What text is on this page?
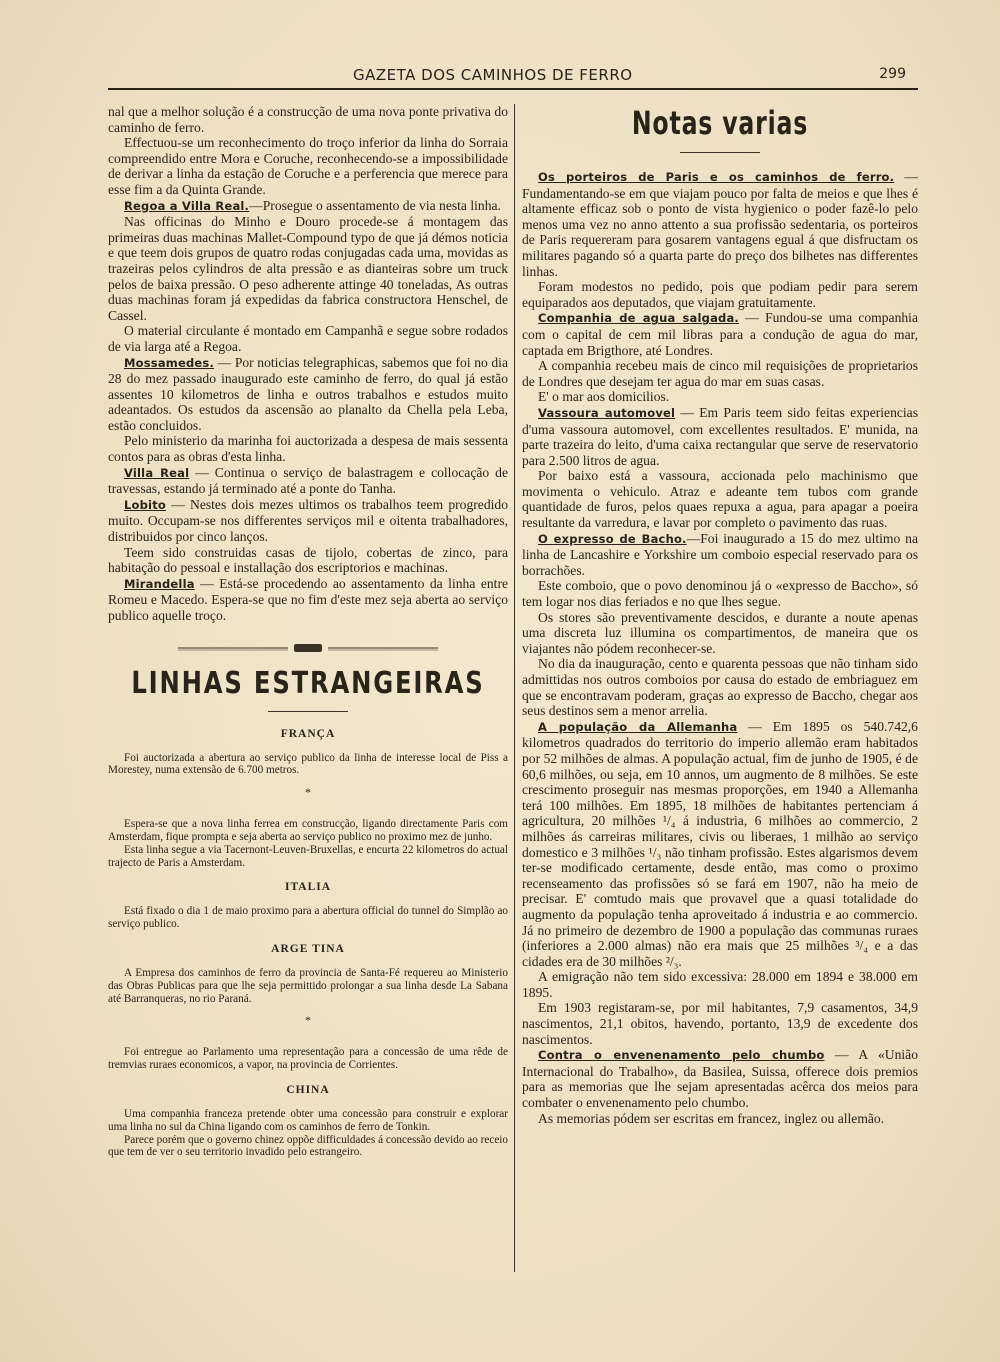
GAZETA DOS CAMINHOS DE FERRO	299

nal que a melhor solução é a construcção de uma nova ponte privativa do caminho de ferro.

Effectuou-se um reconhecimento do troço inferior da linha do Sorraia compreendido entre Mora e Coruche, reconhecendo-se a impossibilidade de derivar a linha da estação de Coruche e a perferencia que merece para esse fim a da Quinta Grande.

Regoa a Villa Real.—Prosegue o assentamento de via nesta linha.

Nas officinas do Minho e Douro procede-se á montagem das primeiras duas machinas Mallet-Compound typo de que já démos noticia e que teem dois grupos de quatro rodas conjugadas cada uma, movidas as trazeiras pelos cylindros de alta pressão e as dianteiras sobre um truck pelos de baixa pressão. O peso adherente attinge 40 toneladas, As outras duas machinas foram já expedidas da fabrica constructora Henschel, de Cassel.

O material circulante é montado em Campanhã e segue sobre rodados de via larga até a Regoa.

Mossamedes. — Por noticias telegraphicas, sabemos que foi no dia 28 do mez passado inaugurado este caminho de ferro, do qual já estão assentes 10 kilometros de linha e outros trabalhos e estudos muito adeantados. Os estudos da ascensão ao planalto da Chella pela Leba, estão concluidos.

Pelo ministerio da marinha foi auctorizada a despesa de mais sessenta contos para as obras d'esta linha.

Villa Real — Continua o serviço de balastragem e collocação de travessas, estando já terminado até a ponte do Tanha.

Lobito — Nestes dois mezes ultimos os trabalhos teem progredido muito. Occupam-se nos differentes serviços mil e oitenta trabalhadores, distribuidos por cinco lanços.

Teem sido construidas casas de tijolo, cobertas de zinco, para habitação do pessoal e installação dos escriptorios e machinas.

Mirandella — Está-se procedendo ao assentamento da linha entre Romeu e Macedo. Espera-se que no fim d'este mez seja aberta ao serviço publico aquelle troço.

LINHAS ESTRANGEIRAS
FRANÇA

Foi auctorizada a abertura ao serviço publico da linha de interesse local de Piss a Morestey, numa extensão de 6.700 metros.

*

Espera-se que a nova linha ferrea em construcção, ligando directamente Paris com Amsterdam, fique prompta e seja aberta ao serviço publico no proximo mez de junho.

Esta linha segue a via Tacernont-Leuven-Bruxellas, e encurta 22 kilometros do actual trajecto de Paris a Amsterdam.

ITALIA

Está fixado o dia 1 de maio proximo para a abertura official do tunnel do Simplão ao serviço publico.

ARGE TINA

A Empresa dos caminhos de ferro da provincia de Santa-Fé requereu ao Ministerio das Obras Publicas para que lhe seja permittido prolongar a sua linha desde La Sabana até Barranqueras, no rio Paraná.

*

Foi entregue ao Parlamento uma representação para a concessão de uma rêde de tremvias ruraes economicos, a vapor, na provincia de Corrientes.

CHINA

Uma companhia franceza pretende obter uma concessão para construir e explorar uma linha no sul da China ligando com os caminhos de ferro de Tonkin.

Parece porém que o governo chinez oppõe difficuldades á concessão devido ao receio que tem de ver o seu territorio invadido pelo estrangeiro.

Notas varias

Os porteiros de Paris e os caminhos de ferro. — Fundamentando-se em que viajam pouco por falta de meios e que lhes é altamente efficaz sob o ponto de vista hygienico o poder fazê-lo pelo menos uma vez no anno attento a sua profissão sedentaria, os porteiros de Paris requereram para gosarem vantagens egual á que disfructam os militares pagando só a quarta parte do preço dos bilhetes nas differentes linhas.

Foram modestos no pedido, pois que podiam pedir para serem equiparados aos deputados, que viajam gratuitamente.

Companhia de agua salgada. — Fundou-se uma companhia com o capital de cem mil libras para a condução de agua do mar, captada em Brigthore, até Londres.

A companhia recebeu mais de cinco mil requisições de proprietarios de Londres que desejam ter agua do mar em suas casas.

E' o mar aos domicilios.

Vassoura automovel — Em Paris teem sido feitas experiencias d'uma vassoura automovel, com excellentes resultados. E' munida, na parte trazeira do leito, d'uma caixa rectangular que serve de reservatorio para 2.500 litros de agua.

Por baixo está a vassoura, accionada pelo machinismo que movimenta o vehiculo. Atraz e adeante tem tubos com grande quantidade de furos, pelos quaes repuxa a agua, para apagar a poeira resultante da varredura, e lavar por completo o pavimento das ruas.

O expresso de Bacho.—Foi inaugurado a 15 do mez ultimo na linha de Lancashire e Yorkshire um comboio especial reservado para os borrachões.

Este comboio, que o povo denominou já o «expresso de Baccho», só tem logar nos dias feriados e no que lhes segue.

Os stores são preventivamente descidos, e durante a noute apenas uma discreta luz illumina os compartimentos, de maneira que os viajantes não pódem reconhecer-se.

No dia da inauguração, cento e quarenta pessoas que não tinham sido admittidas nos outros comboios por causa do estado de embriaguez em que se encontravam poderam, graças ao expresso de Baccho, chegar aos seus destinos sem a menor arrelia.

A população da Allemanha — Em 1895 os 540.742,6 kilometros quadrados do territorio do imperio allemão eram habitados por 52 milhões de almas. A população actual, fim de junho de 1905, é de 60,6 milhões, ou seja, em 10 annos, um augmento de 8 milhões. Se este crescimento proseguir nas mesmas proporções, em 1940 a Allemanha terá 100 milhões. Em 1895, 18 milhões de habitantes pertenciam á agricultura, 20 milhões ¹/₄ á industria, 6 milhões ao commercio, 2 milhões ás carreiras militares, civis ou liberaes, 1 milhão ao serviço domestico e 3 milhões ¹/₃ não tinham profissão. Estes algarismos devem ter-se modificado certamente, desde então, mas como o proximo recenseamento das profissões só se fará em 1907, não ha meio de precisar. E' comtudo mais que provavel que a quasi totalidade do augmento da população tenha aproveitado á industria e ao commercio. Já no primeiro de dezembro de 1900 a população das communas ruraes (inferiores a 2.000 almas) não era mais que 25 milhões ³/₄ e a das cidades era de 30 milhões ²/₃.

A emigração não tem sido excessiva: 28.000 em 1894 e 38.000 em 1895.

Em 1903 registaram-se, por mil habitantes, 7,9 casamentos, 34,9 nascimentos, 21,1 obitos, havendo, portanto, 13,9 de excedente dos nascimentos.

Contra o envenenamento pelo chumbo — A «União Internacional do Trabalho», da Basilea, Suissa, offerece dois premios para as memorias que lhe sejam apresentadas acêrca dos meios para combater o envenenamento pelo chumbo.

As memorias pódem ser escritas em francez, inglez ou allemão.
